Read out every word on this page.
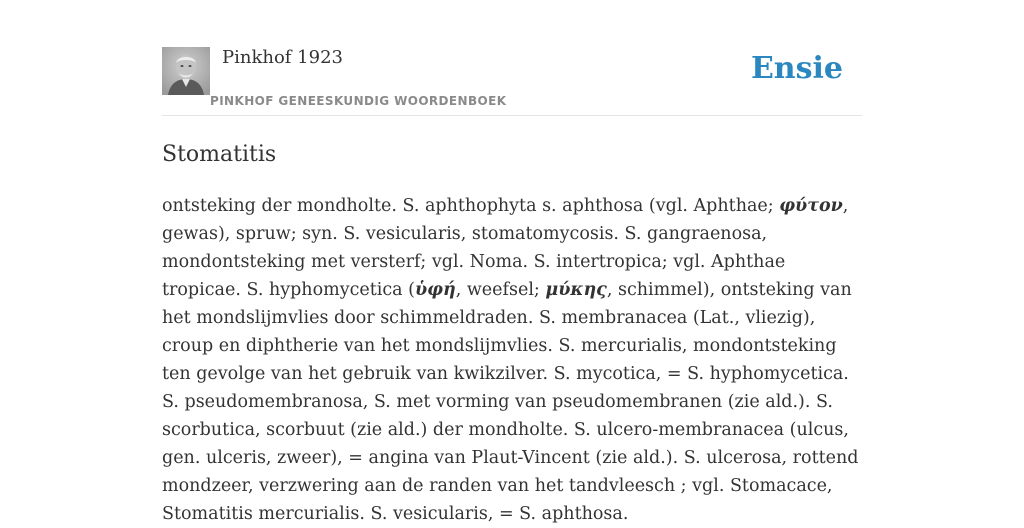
Pinkhof 1923
PINKHOF GENEESKUNDIG WOORDENBOEK
Ensie
Stomatitis

ontsteking der mondholte. S. aphthophyta s. aphthosa (vgl. Aphthae; φύτον, gewas), spruw; syn. S. vesicularis, stomatomycosis. S. gangraenosa, mondontsteking met versterf; vgl. Noma. S. intertropica; vgl. Aphthae tropicae. S. hyphomycetica (ὑφή, weefsel; μύκης, schimmel), ontsteking van het mondslijmvlies door schimmeldraden. S. membranacea (Lat., vliezig), croup en diphtherie van het mondslijmvlies. S. mercurialis, mondontsteking ten gevolge van het gebruik van kwikzilver. S. mycotica, = S. hyphomycetica. S. pseudomembranosa, S. met vorming van pseudomembranen (zie ald.). S. scorbutica, scorbuut (zie ald.) der mondholte. S. ulcero-membranacea (ulcus, gen. ulceris, zweer), = angina van Plaut-Vincent (zie ald.). S. ulcerosa, rottend mondzeer, verzwering aan de randen van het tandvleesch ; vgl. Stomacace, Stomatitis mercurialis. S. vesicularis, = S. aphthosa.
